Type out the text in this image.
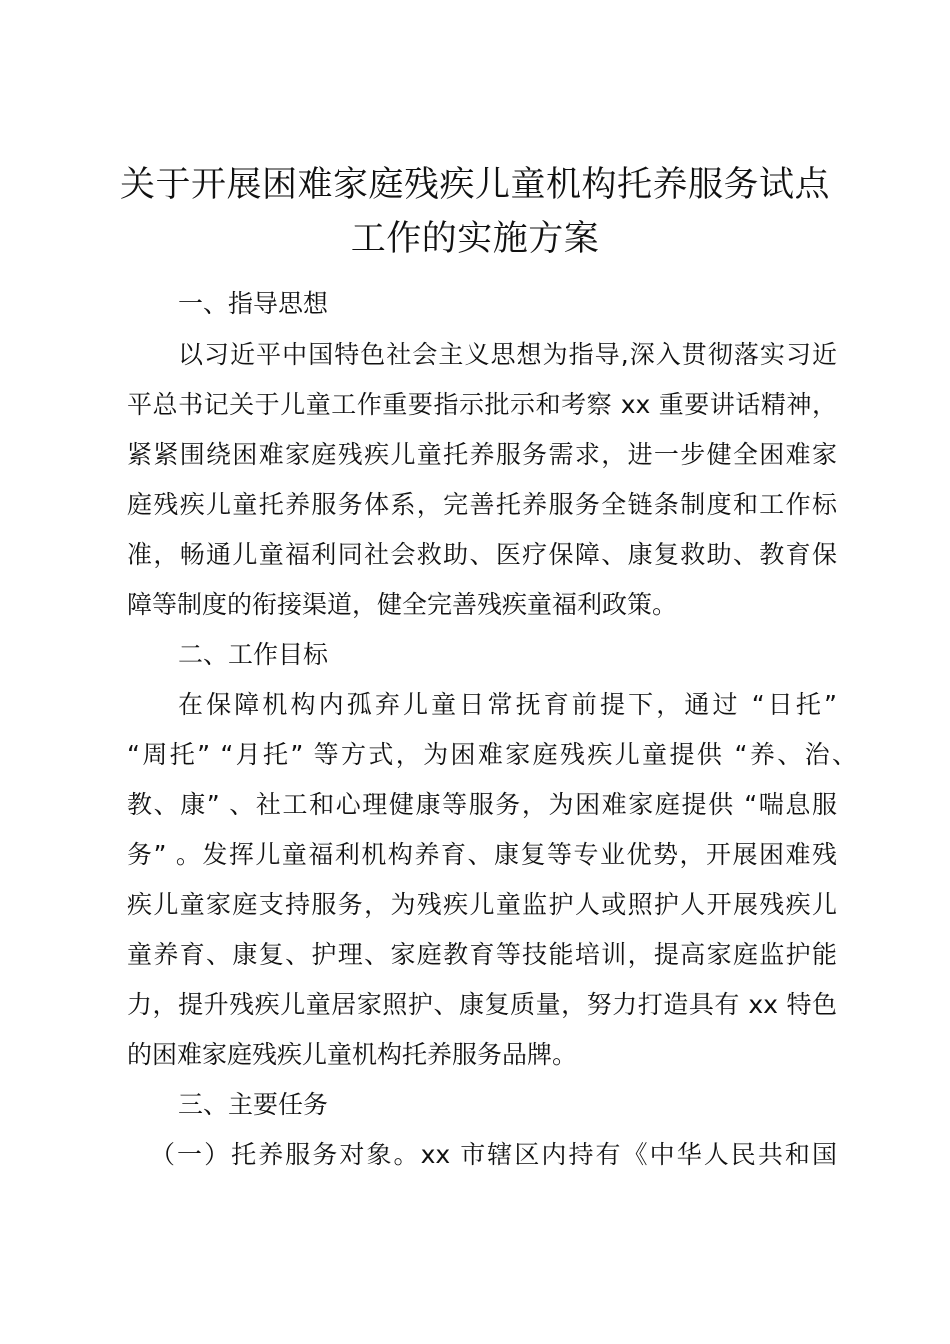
关于开展困难家庭残疾儿童机构托养服务试点
工作的实施方案

一、指导思想

以习近平中国特色社会主义思想为指导,深入贯彻落实习近

平总书记关于儿童工作重要指示批示和考察 xx 重要讲话精神，

紧紧围绕困难家庭残疾儿童托养服务需求，进一步健全困难家

庭残疾儿童托养服务体系，完善托养服务全链条制度和工作标

准，畅通儿童福利同社会救助、医疗保障、康复救助、教育保

障等制度的衔接渠道，健全完善残疾童福利政策。

二、工作目标

在保障机构内孤弃儿童日常抚育前提下，通过 “日托”

“周托” “月托” 等方式，为困难家庭残疾儿童提供 “养、治、

教、康” 、社工和心理健康等服务，为困难家庭提供 “喘息服

务” 。发挥儿童福利机构养育、康复等专业优势，开展困难残

疾儿童家庭支持服务，为残疾儿童监护人或照护人开展残疾儿

童养育、康复、护理、家庭教育等技能培训，提高家庭监护能

力，提升残疾儿童居家照护、康复质量，努力打造具有 xx 特色

的困难家庭残疾儿童机构托养服务品牌。

三、主要任务

（一）托养服务对象。xx 市辖区内持有《中华人民共和国
